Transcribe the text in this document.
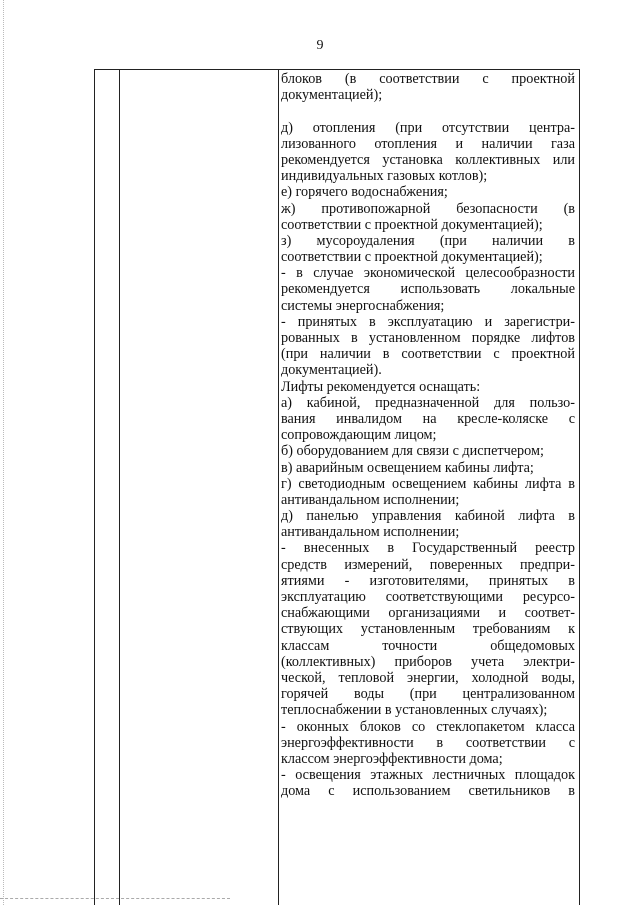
9
блоков (в соответствии с проектной
документацией);
д) отопления (при отсутствии центра-
лизованного отопления и наличии газа
рекомендуется установка коллективных или
индивидуальных газовых котлов);
е) горячего водоснабжения;
ж) противопожарной безопасности (в
соответствии с проектной документацией);
з) мусороудаления (при наличии в
соответствии с проектной документацией);
- в случае экономической целесообразности
рекомендуется использовать локальные
системы энергоснабжения;
- принятых в эксплуатацию и зарегистри-
рованных в установленном порядке лифтов
(при наличии в соответствии с проектной
документацией).
Лифты рекомендуется оснащать:
а) кабиной, предназначенной для пользо-
вания инвалидом на кресле-коляске с
сопровождающим лицом;
б) оборудованием для связи с диспетчером;
в) аварийным освещением кабины лифта;
г) светодиодным освещением кабины лифта в
антивандальном исполнении;
д) панелью управления кабиной лифта в
антивандальном исполнении;
- внесенных в Государственный реестр
средств измерений, поверенных предпри-
ятиями - изготовителями, принятых в
эксплуатацию соответствующими ресурсо-
снабжающими организациями и соответ-
ствующих установленным требованиям к
классам точности общедомовых
(коллективных) приборов учета электри-
ческой, тепловой энергии, холодной воды,
горячей воды (при централизованном
теплоснабжении в установленных случаях);
- оконных блоков со стеклопакетом класса
энергоэффективности в соответствии с
классом энергоэффективности дома;
- освещения этажных лестничных площадок
дома с использованием светильников в
